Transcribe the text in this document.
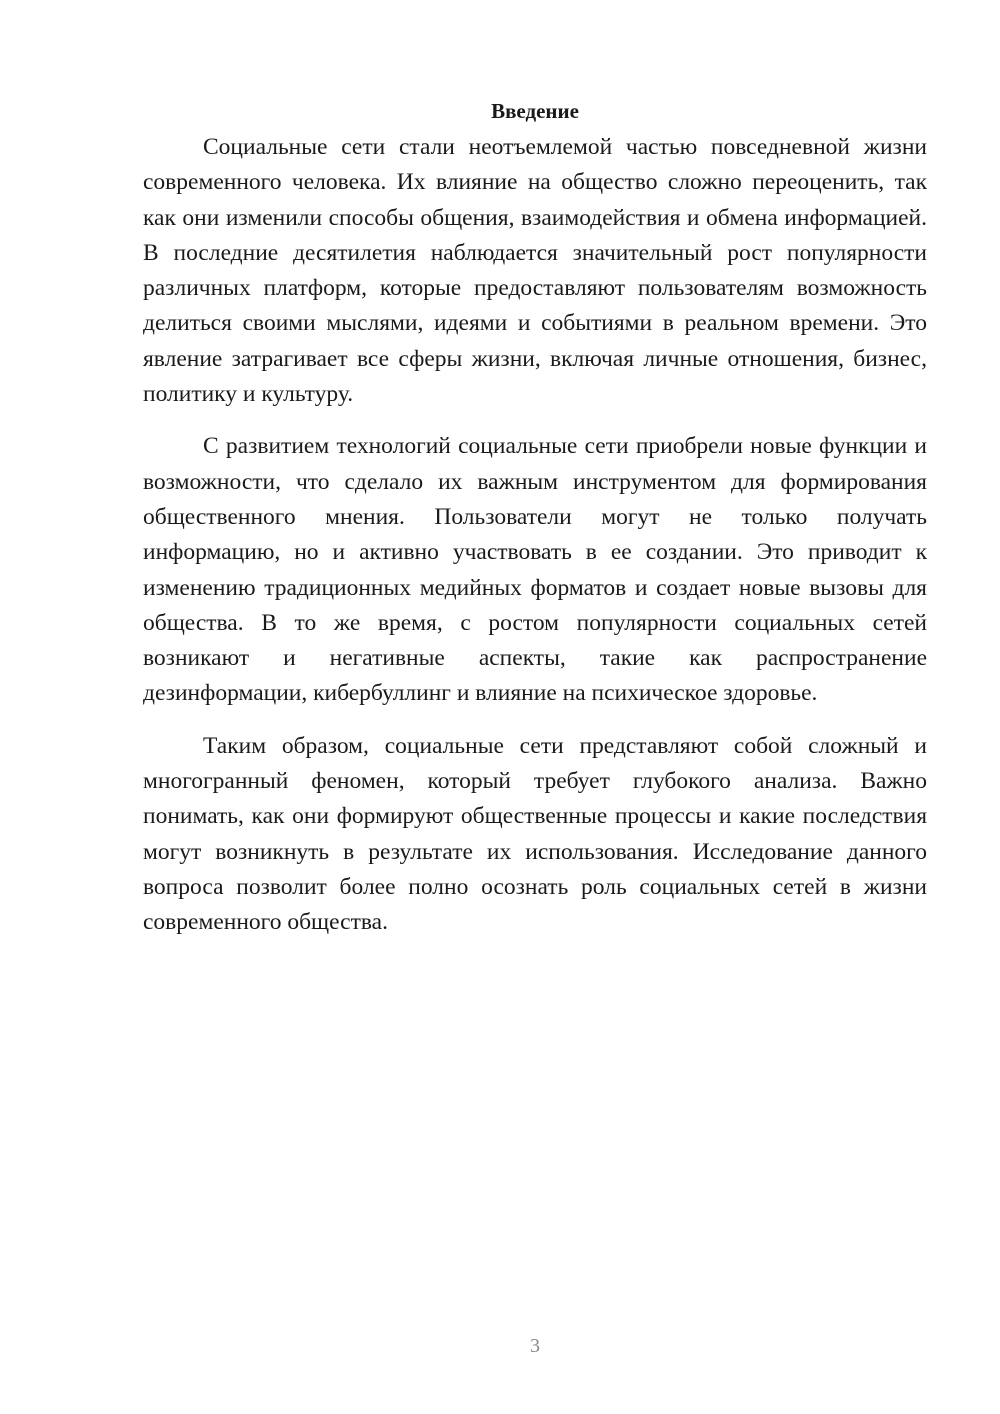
Введение

Социальные сети стали неотъемлемой частью повседневной жизни современного человека. Их влияние на общество сложно переоценить, так как они изменили способы общения, взаимодействия и обмена информацией. В последние десятилетия наблюдается значительный рост популярности различных платформ, которые предоставляют пользователям возможность делиться своими мыслями, идеями и событиями в реальном времени. Это явление затрагивает все сферы жизни, включая личные отношения, бизнес, политику и культуру.

С развитием технологий социальные сети приобрели новые функции и возможности, что сделало их важным инструментом для формирования общественного мнения. Пользователи могут не только получать информацию, но и активно участвовать в ее создании. Это приводит к изменению традиционных медийных форматов и создает новые вызовы для общества. В то же время, с ростом популярности социальных сетей возникают и негативные аспекты, такие как распространение дезинформации, кибербуллинг и влияние на психическое здоровье.

Таким образом, социальные сети представляют собой сложный и многогранный феномен, который требует глубокого анализа. Важно понимать, как они формируют общественные процессы и какие последствия могут возникнуть в результате их использования. Исследование данного вопроса позволит более полно осознать роль социальных сетей в жизни современного общества.

3
